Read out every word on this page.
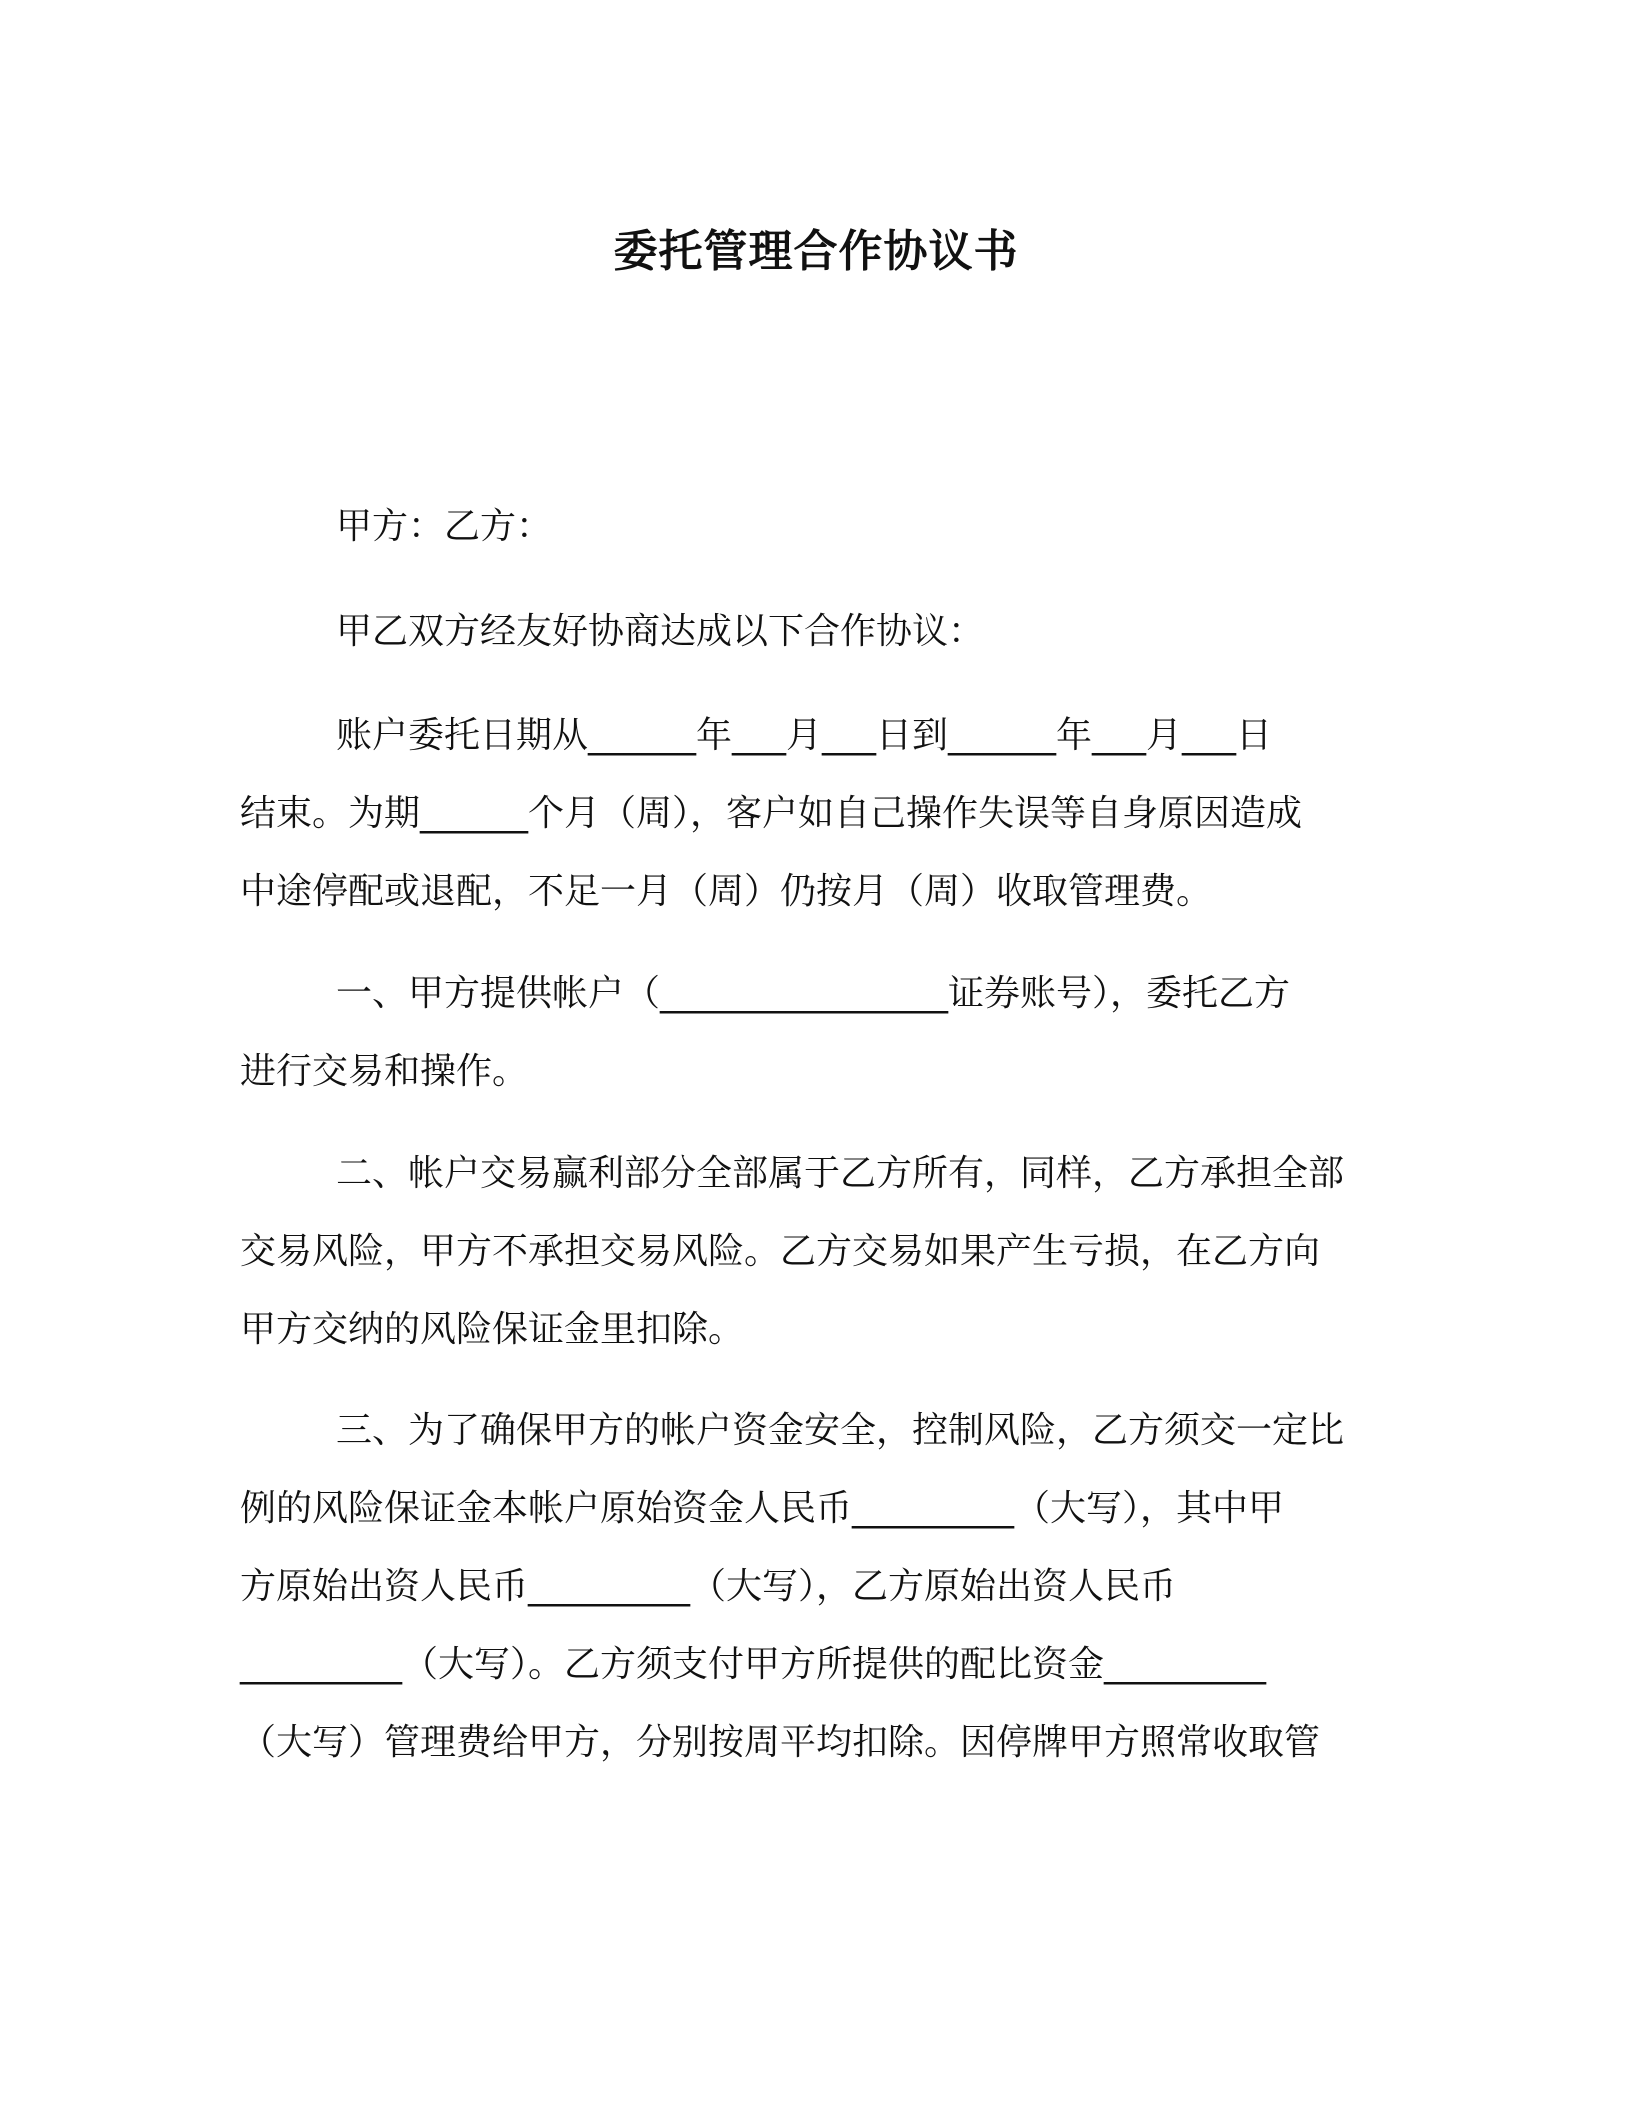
委托管理合作协议书
甲方：乙方：
甲乙双方经友好协商达成以下合作协议：
账户委托日期从______年___月___日到______年___月___日
结束。为期______个月（周），客户如自己操作失误等自身原因造成
中途停配或退配，不足一月（周）仍按月（周）收取管理费。
一、甲方提供帐户（________________证券账号），委托乙方
进行交易和操作。
二、帐户交易赢利部分全部属于乙方所有，同样，乙方承担全部
交易风险，甲方不承担交易风险。乙方交易如果产生亏损，在乙方向
甲方交纳的风险保证金里扣除。
三、为了确保甲方的帐户资金安全，控制风险，乙方须交一定比
例的风险保证金本帐户原始资金人民币_________（大写），其中甲
方原始出资人民币_________（大写），乙方原始出资人民币
_________（大写）。乙方须支付甲方所提供的配比资金_________
（大写）管理费给甲方，分别按周平均扣除。因停牌甲方照常收取管
